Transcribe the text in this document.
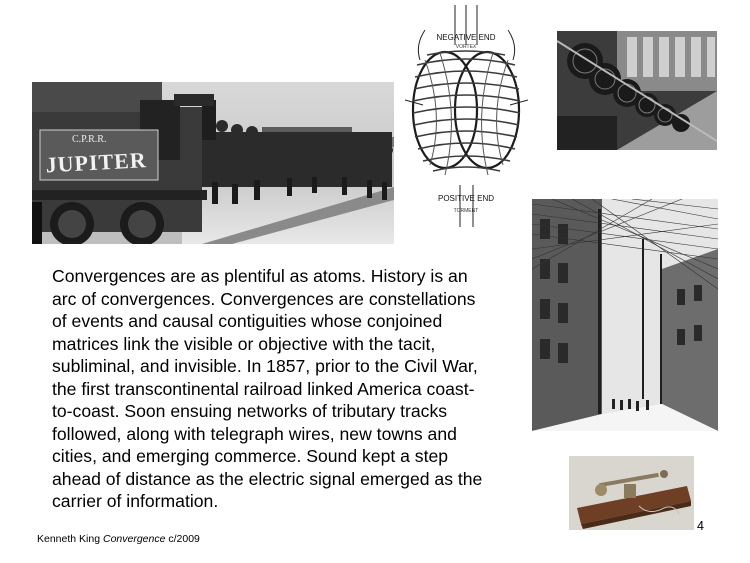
C.P.R.R.
JUPITER
NEGATIVE END
VORTEX
POSITIVE END
TORMENT

Convergences are as plentiful as atoms. History is an
arc of convergences. Convergences are constellations
of events and causal contiguities whose conjoined
matrices link the visible or objective with the tacit,
subliminal, and invisible. In 1857, prior to the Civil War,
the first transcontinental railroad linked America coast-
to-coast. Soon ensuing networks of tributary tracks
followed, along with telegraph wires, new towns and
cities, and emerging commerce. Sound kept a step
ahead of distance as the electric signal emerged as the
carrier of information.

Kenneth King Convergence c/2009
4
